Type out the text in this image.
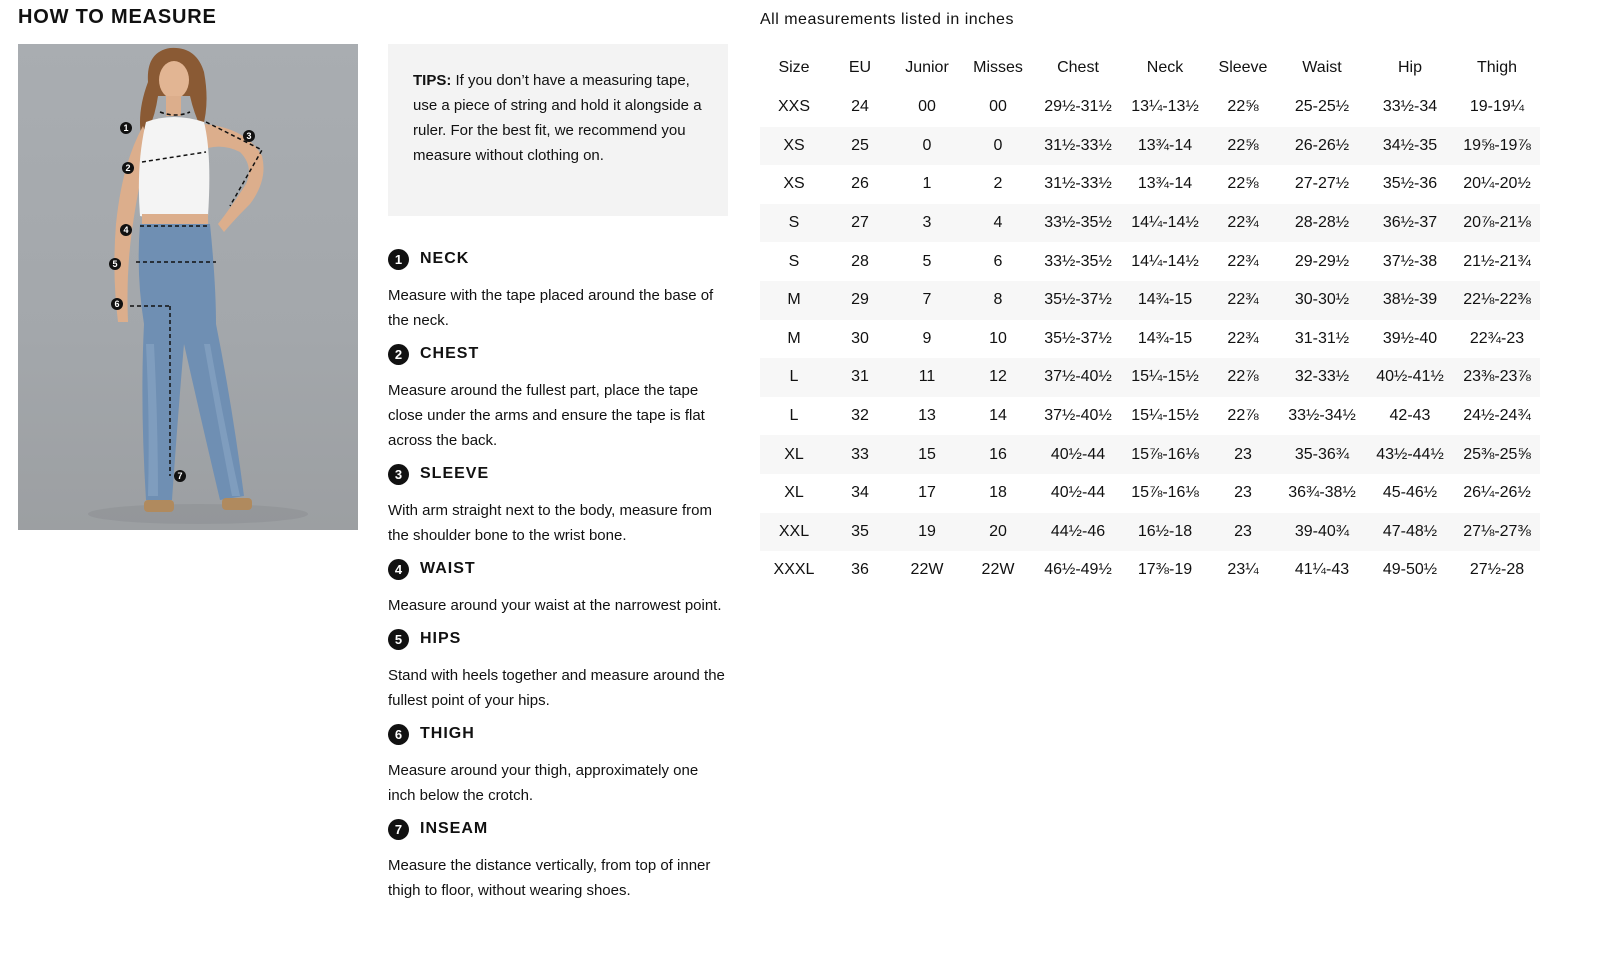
HOW TO MEASURE
1
2
3
4
5
6
7
TIPS: If you don’t have a measuring tape, use a piece of string and hold it alongside a ruler. For the best fit, we recommend you measure without clothing on.
1	NECK
Measure with the tape placed around the base of the neck.
2	CHEST
Measure around the fullest part, place the tape close under the arms and ensure the tape is flat across the back.
3	SLEEVE
With arm straight next to the body, measure from the shoulder bone to the wrist bone.
4	WAIST
Measure around your waist at the narrowest point.
5	HIPS
Stand with heels together and measure around the fullest point of your hips.
6	THIGH
Measure around your thigh, approximately one inch below the crotch.
7	INSEAM
Measure the distance vertically, from top of inner thigh to floor, without wearing shoes.
All measurements listed in inches
Size	EU	Junior	Misses	Chest	Neck	Sleeve	Waist	Hip	Thigh
XXS	24	00	00	29½-31½	13¼-13½	22⅝	25-25½	33½-34	19-19¼
XS	25	0	0	31½-33½	13¾-14	22⅝	26-26½	34½-35	19⅝-19⅞
XS	26	1	2	31½-33½	13¾-14	22⅝	27-27½	35½-36	20¼-20½
S	27	3	4	33½-35½	14¼-14½	22¾	28-28½	36½-37	20⅞-21⅛
S	28	5	6	33½-35½	14¼-14½	22¾	29-29½	37½-38	21½-21¾
M	29	7	8	35½-37½	14¾-15	22¾	30-30½	38½-39	22⅛-22⅜
M	30	9	10	35½-37½	14¾-15	22¾	31-31½	39½-40	22¾-23
L	31	11	12	37½-40½	15¼-15½	22⅞	32-33½	40½-41½	23⅜-23⅞
L	32	13	14	37½-40½	15¼-15½	22⅞	33½-34½	42-43	24½-24¾
XL	33	15	16	40½-44	15⅞-16⅛	23	35-36¾	43½-44½	25⅜-25⅝
XL	34	17	18	40½-44	15⅞-16⅛	23	36¾-38½	45-46½	26¼-26½
XXL	35	19	20	44½-46	16½-18	23	39-40¾	47-48½	27⅛-27⅜
XXXL	36	22W	22W	46½-49½	17⅜-19	23¼	41¼-43	49-50½	27½-28
